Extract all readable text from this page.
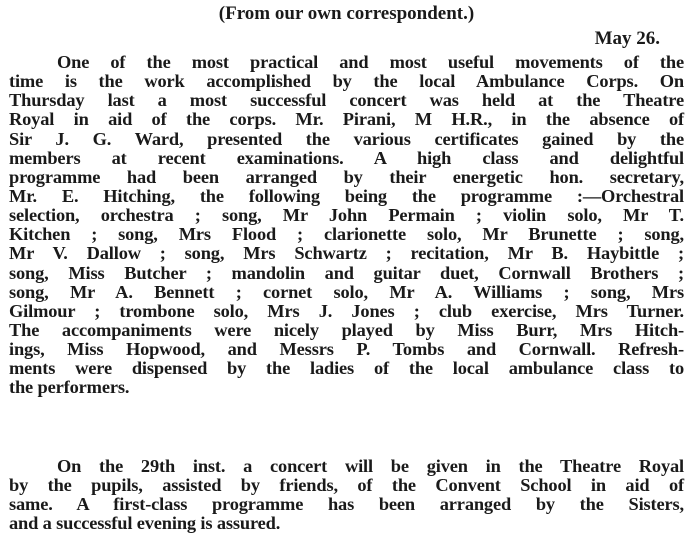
(From our own correspondent.)
May 26.
One of the most practical and most useful movements of the
time is the work accomplished by the local Ambulance Corps. On
Thursday last a most successful concert was held at the Theatre
Royal in aid of the corps. Mr. Pirani, M H.R., in the absence of
Sir J. G. Ward, presented the various certificates gained by the
members at recent examinations. A high class and delightful
programme had been arranged by their energetic hon. secretary,
Mr. E. Hitching, the following being the programme :—Orchestral
selection, orchestra ; song, Mr John Permain ; violin solo, Mr T.
Kitchen ; song, Mrs Flood ; clarionette solo, Mr Brunette ; song,
Mr V. Dallow ; song, Mrs Schwartz ; recitation, Mr B. Haybittle ;
song, Miss Butcher ; mandolin and guitar duet, Cornwall Brothers ;
song, Mr A. Bennett ; cornet solo, Mr A. Williams ; song, Mrs
Gilmour ; trombone solo, Mrs J. Jones ; club exercise, Mrs Turner.
The accompaniments were nicely played by Miss Burr, Mrs Hitch-
ings, Miss Hopwood, and Messrs P. Tombs and Cornwall. Refresh-
ments were dispensed by the ladies of the local ambulance class to
the performers.
On the 29th inst. a concert will be given in the Theatre Royal
by the pupils, assisted by friends, of the Convent School in aid of
same. A first-class programme has been arranged by the Sisters,
and a successful evening is assured.
